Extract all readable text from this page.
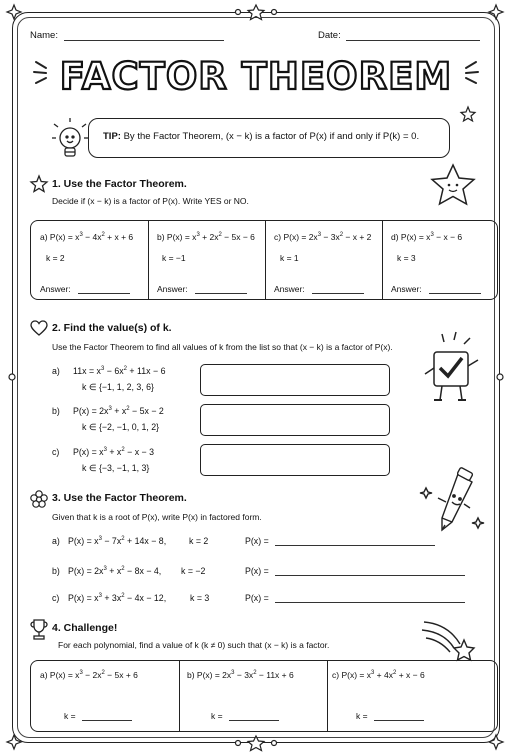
Name:	Date:
FACTOR THEOREM
TIP: By the Factor Theorem, (x − k) is a factor of P(x) if and only if P(k) = 0.
1. Use the Factor Theorem.
Decide if (x − k) is a factor of P(x). Write YES or NO.
a) $P(x) = x^3 - 4x^2 + x + 6$
k = 2
Answer:
b) $P(x) = x^3 + 2x^2 - 5x - 6$
k = −1
Answer:
c) $P(x) = 2x^3 - 3x^2 - x + 2$
k = 1
Answer:
d) $P(x) = x^3 - x - 6$
k = 3
Answer:
2. Find the value(s) of k.
Use the Factor Theorem to find all values of k from the list so that (x − k) is a factor of P(x).
a) $11x = x^3 - 6x^2 + 11x - 6$
k ∈ {−1, 1, 2, 3, 6}
b) $P(x) = 2x^3 + x^2 - 5x - 2$
k ∈ {−2, −1, 0, 1, 2}
c) $P(x) = x^3 + x^2 - x - 3$
k ∈ {−3, −1, 1, 3}
3. Use the Factor Theorem.
Given that k is a root of P(x), write P(x) in factored form.
a) $P(x) = x^3 - 7x^2 + 14x - 8$,	k = 2	P(x) =
b) $P(x) = 2x^3 + x^2 - 8x - 4$, k = −2	P(x) =
c) $P(x) = x^3 + 3x^2 - 4x - 12$,	k = 3	P(x) =
4. Challenge!
For each polynomial, find a value of k (k ≠ 0) such that (x − k) is a factor.
a) $P(x) = x^3 - 2x^2 - 5x + 6$
k =
b) $P(x) = 2x^3 - 3x^2 - 11x + 6$
k =
c) $P(x) = x^3 + 4x^2 + x - 6$
k =
